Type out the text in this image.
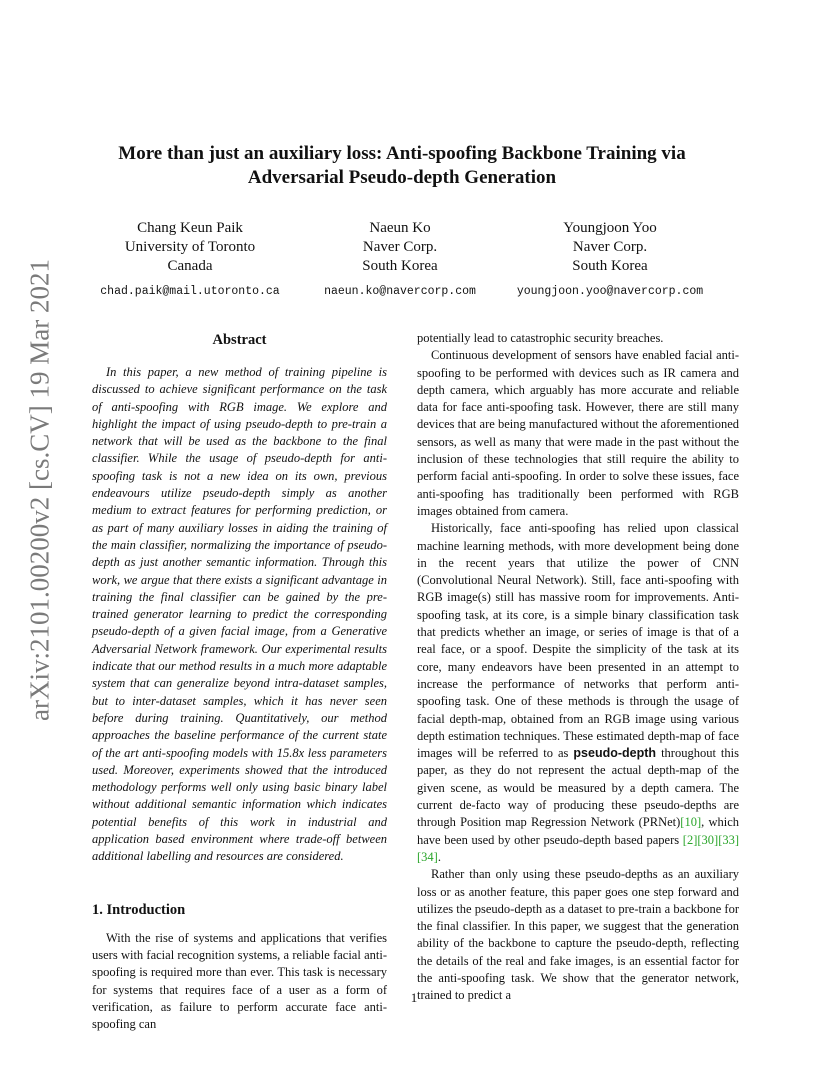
arXiv:2101.00200v2 [cs.CV] 19 Mar 2021
More than just an auxiliary loss: Anti-spoofing Backbone Training via Adversarial Pseudo-depth Generation
Chang Keun Paik
University of Toronto
Canada
chad.paik@mail.utoronto.ca
Naeun Ko
Naver Corp.
South Korea
naeun.ko@navercorp.com
Youngjoon Yoo
Naver Corp.
South Korea
youngjoon.yoo@navercorp.com
Abstract

In this paper, a new method of training pipeline is discussed to achieve significant performance on the task of anti-spoofing with RGB image. We explore and highlight the impact of using pseudo-depth to pre-train a network that will be used as the backbone to the final classifier. While the usage of pseudo-depth for anti-spoofing task is not a new idea on its own, previous endeavours utilize pseudo-depth simply as another medium to extract features for performing prediction, or as part of many auxiliary losses in aiding the training of the main classifier, normalizing the importance of pseudo-depth as just another semantic information. Through this work, we argue that there exists a significant advantage in training the final classifier can be gained by the pre-trained generator learning to predict the corresponding pseudo-depth of a given facial image, from a Generative Adversarial Network framework. Our experimental results indicate that our method results in a much more adaptable system that can generalize beyond intra-dataset samples, but to inter-dataset samples, which it has never seen before during training. Quantitatively, our method approaches the baseline performance of the current state of the art anti-spoofing models with 15.8x less parameters used. Moreover, experiments showed that the introduced methodology performs well only using basic binary label without additional semantic information which indicates potential benefits of this work in industrial and application based environment where trade-off between additional labelling and resources are considered.

1. Introduction

With the rise of systems and applications that verifies users with facial recognition systems, a reliable facial anti-spoofing is required more than ever. This task is necessary for systems that requires face of a user as a form of verification, as failure to perform accurate face anti-spoofing can

potentially lead to catastrophic security breaches.

Continuous development of sensors have enabled facial anti-spoofing to be performed with devices such as IR camera and depth camera, which arguably has more accurate and reliable data for face anti-spoofing task. However, there are still many devices that are being manufactured without the aforementioned sensors, as well as many that were made in the past without the inclusion of these technologies that still require the ability to perform facial anti-spoofing. In order to solve these issues, face anti-spoofing has traditionally been performed with RGB images obtained from camera.

Historically, face anti-spoofing has relied upon classical machine learning methods, with more development being done in the recent years that utilize the power of CNN (Convolutional Neural Network). Still, face anti-spoofing with RGB image(s) still has massive room for improvements. Anti-spoofing task, at its core, is a simple binary classification task that predicts whether an image, or series of image is that of a real face, or a spoof. Despite the simplicity of the task at its core, many endeavors have been presented in an attempt to increase the performance of networks that perform anti-spoofing task. One of these methods is through the usage of facial depth-map, obtained from an RGB image using various depth estimation techniques. These estimated depth-map of face images will be referred to as pseudo-depth throughout this paper, as they do not represent the actual depth-map of the given scene, as would be measured by a depth camera. The current de-facto way of producing these pseudo-depths are through Position map Regression Network (PRNet)[10], which have been used by other pseudo-depth based papers [2][30][33][34].

Rather than only using these pseudo-depths as an auxiliary loss or as another feature, this paper goes one step forward and utilizes the pseudo-depth as a dataset to pre-train a backbone for the final classifier. In this paper, we suggest that the generation ability of the backbone to capture the pseudo-depth, reflecting the details of the real and fake images, is an essential factor for the anti-spoofing task. We show that the generator network, trained to predict a

1
